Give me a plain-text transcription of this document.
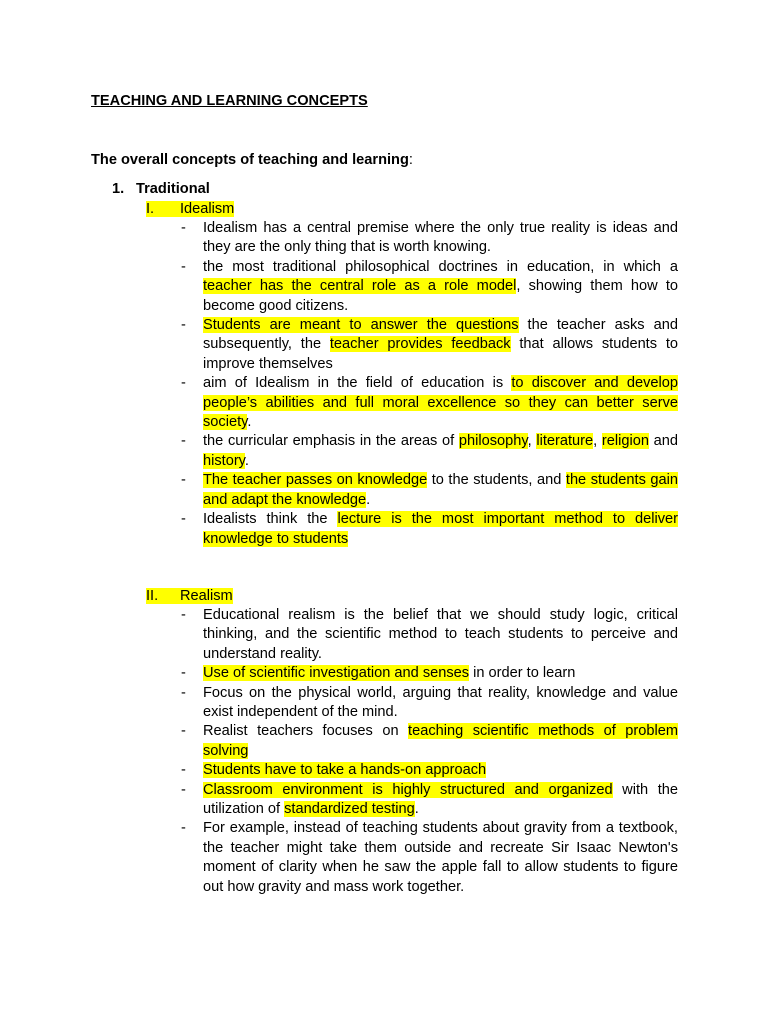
TEACHING AND LEARNING CONCEPTS
The overall concepts of teaching and learning:
1. Traditional
I. Idealism
-	Idealism has a central premise where the only true reality is ideas and they are the only thing that is worth knowing.
-	the most traditional philosophical doctrines in education, in which a teacher has the central role as a role model, showing them how to become good citizens.
-	Students are meant to answer the questions the teacher asks and subsequently, the teacher provides feedback that allows students to improve themselves
-	aim of Idealism in the field of education is to discover and develop people’s abilities and full moral excellence so they can better serve society.
-	the curricular emphasis in the areas of philosophy, literature, religion and history.
-	The teacher passes on knowledge to the students, and the students gain and adapt the knowledge.
-	Idealists think the lecture is the most important method to deliver knowledge to students
II. Realism
-	Educational realism is the belief that we should study logic, critical thinking, and the scientific method to teach students to perceive and understand reality.
-	Use of scientific investigation and senses in order to learn
-	Focus on the physical world, arguing that reality, knowledge and value exist independent of the mind.
-	Realist teachers focuses on teaching scientific methods of problem solving
-	Students have to take a hands-on approach
-	Classroom environment is highly structured and organized with the utilization of standardized testing.
-	For example, instead of teaching students about gravity from a textbook, the teacher might take them outside and recreate Sir Isaac Newton's moment of clarity when he saw the apple fall to allow students to figure out how gravity and mass work together.
